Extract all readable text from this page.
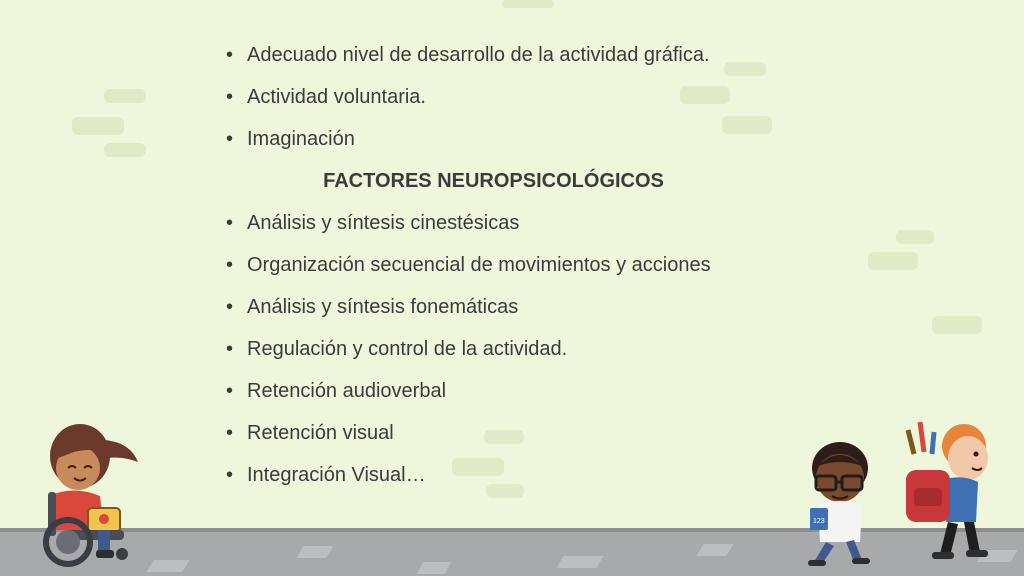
• Adecuado nivel de desarrollo de la actividad gráfica.
• Actividad voluntaria.
• Imaginación
FACTORES NEUROPSICOLÓGICOS
• Análisis y síntesis cinestésicas
• Organización secuencial de movimientos y acciones
• Análisis y síntesis fonemáticas
• Regulación y control de la actividad.
• Retención audioverbal
• Retención visual
• Integración Visual…
123
